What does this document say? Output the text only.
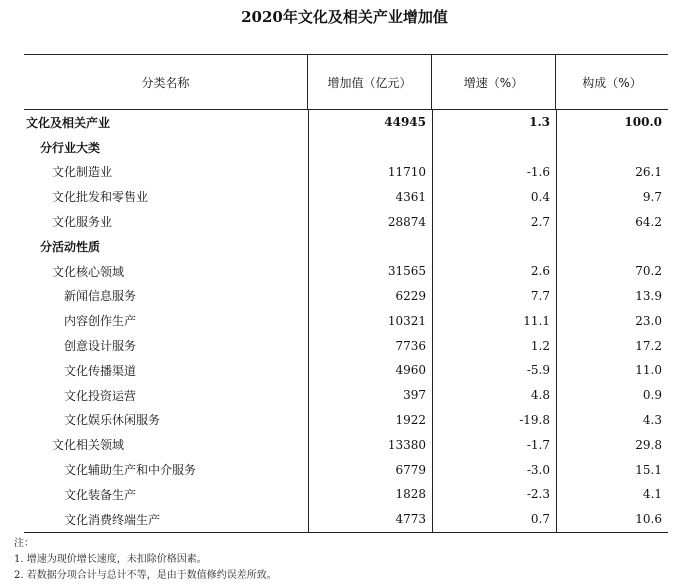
2020年文化及相关产业增加值
分类名称	增加值（亿元）	增速（%）	构成（%）
文化及相关产业	44945	1.3	100.0
分行业大类
文化制造业	11710	-1.6	26.1
文化批发和零售业	4361	0.4	9.7
文化服务业	28874	2.7	64.2
分活动性质
文化核心领域	31565	2.6	70.2
新闻信息服务	6229	7.7	13.9
内容创作生产	10321	11.1	23.0
创意设计服务	7736	1.2	17.2
文化传播渠道	4960	-5.9	11.0
文化投资运营	397	4.8	0.9
文化娱乐休闲服务	1922	-19.8	4.3
文化相关领域	13380	-1.7	29.8
文化辅助生产和中介服务	6779	-3.0	15.1
文化装备生产	1828	-2.3	4.1
文化消费终端生产	4773	0.7	10.6
注：
1. 增速为现价增长速度，未扣除价格因素。
2. 若数据分项合计与总计不等，是由于数值修约误差所致。
